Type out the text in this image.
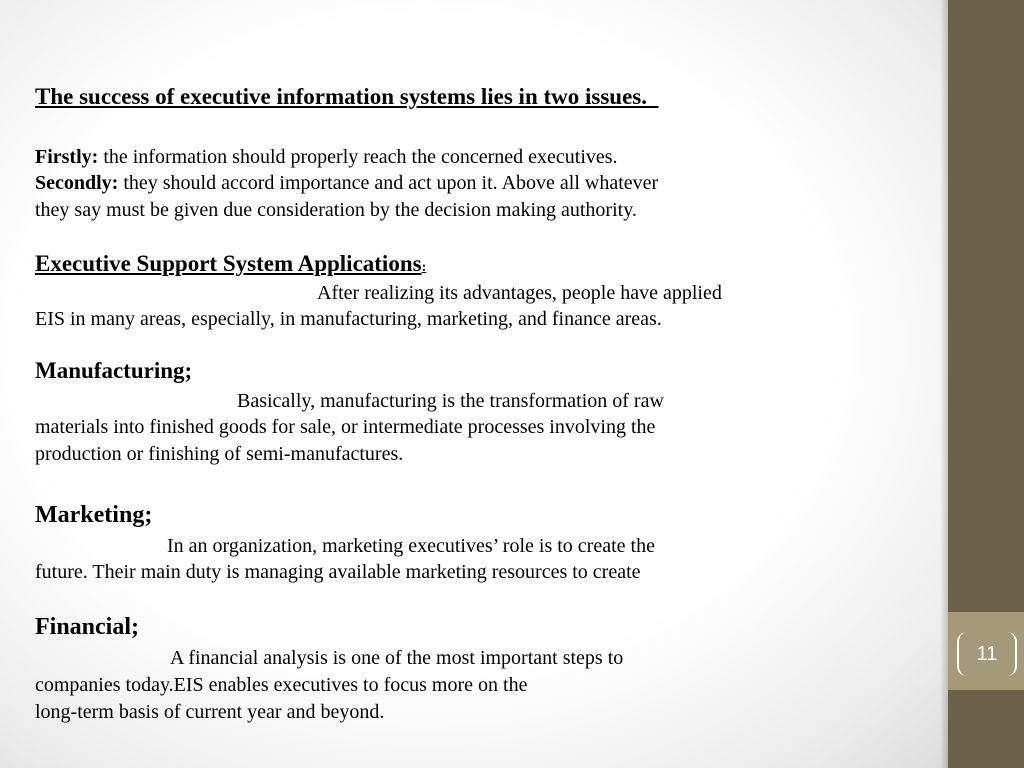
11
The success of executive information systems lies in two issues.
Firstly: the information should properly reach the concerned executives.
Secondly: they should accord importance and act upon it. Above all whatever
they say must be given due consideration by the decision making authority.
Executive Support System Applications:
After realizing its advantages, people have applied
EIS in many areas, especially, in manufacturing, marketing, and finance areas.
Manufacturing;
Basically, manufacturing is the transformation of raw
materials into finished goods for sale, or intermediate processes involving the
production or finishing of semi-manufactures.
Marketing;
In an organization, marketing executives’ role is to create the
future. Their main duty is managing available marketing resources to create
Financial;
A financial analysis is one of the most important steps to
companies today.EIS enables executives to focus more on the
long-term basis of current year and beyond.
